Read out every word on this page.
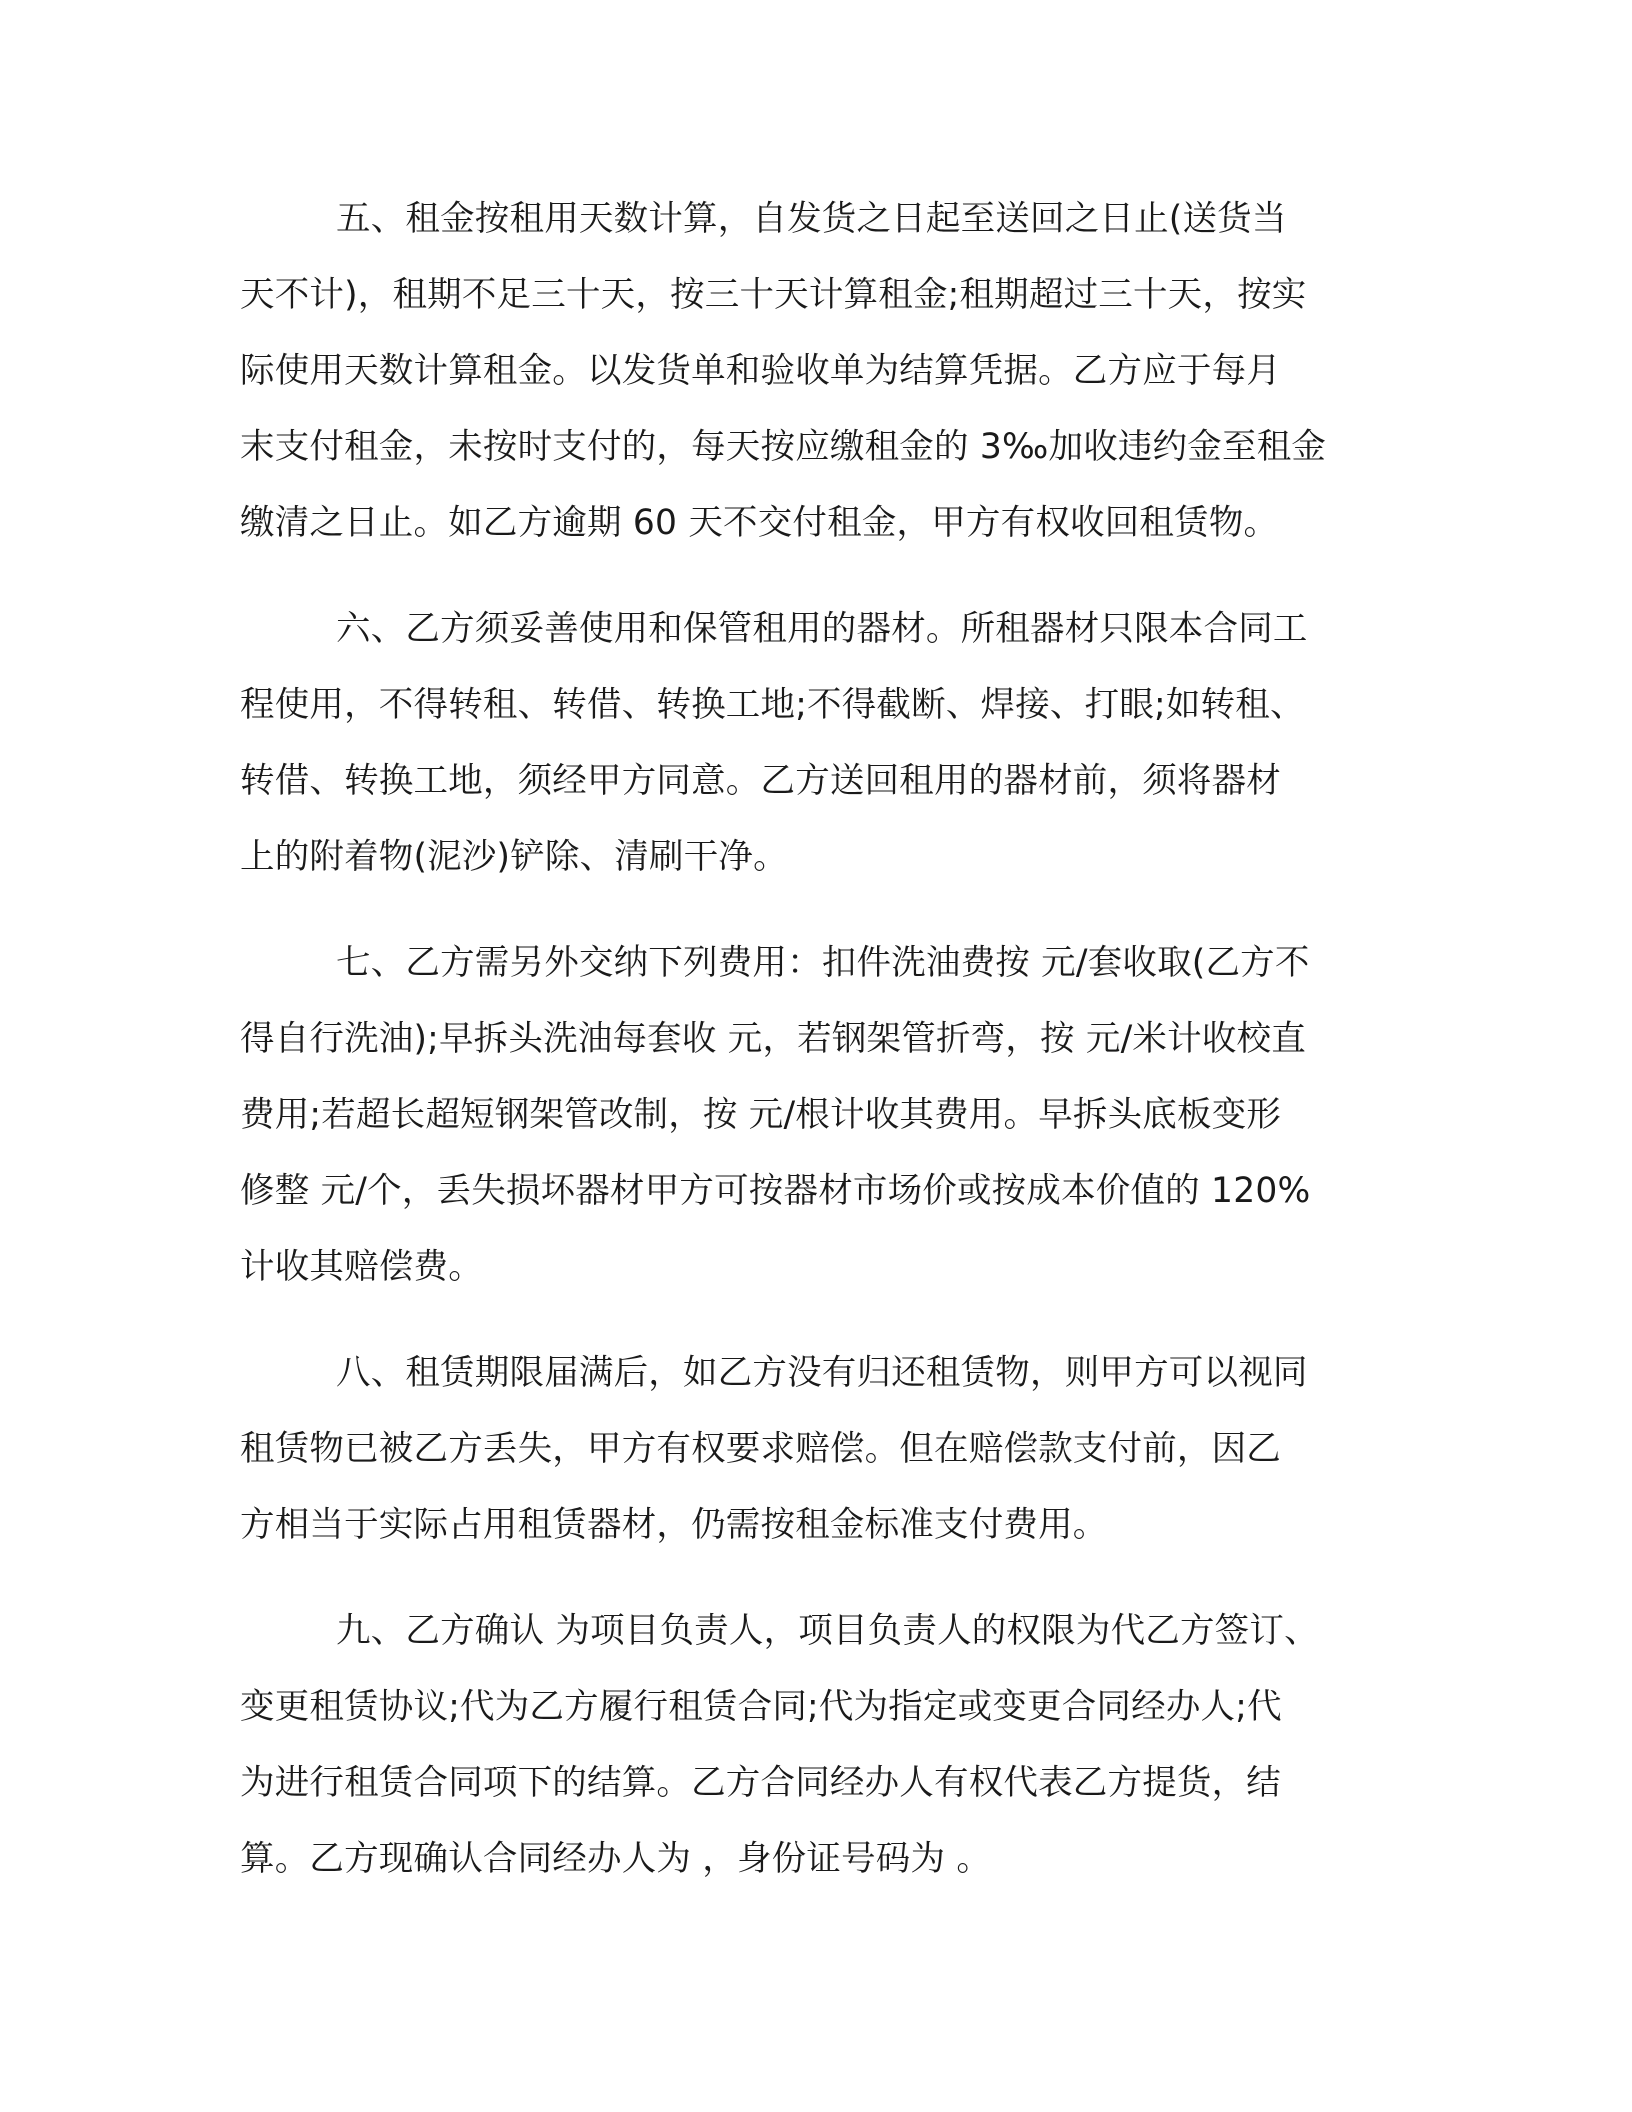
五、租金按租用天数计算，自发货之日起至送回之日止(送货当

天不计)，租期不足三十天，按三十天计算租金;租期超过三十天，按实

际使用天数计算租金。以发货单和验收单为结算凭据。乙方应于每月

末支付租金，未按时支付的，每天按应缴租金的 3‰加收违约金至租金

缴清之日止。如乙方逾期 60 天不交付租金，甲方有权收回租赁物。

六、乙方须妥善使用和保管租用的器材。所租器材只限本合同工

程使用，不得转租、转借、转换工地;不得截断、焊接、打眼;如转租、

转借、转换工地，须经甲方同意。乙方送回租用的器材前，须将器材

上的附着物(泥沙)铲除、清刷干净。

七、乙方需另外交纳下列费用：扣件洗油费按 元/套收取(乙方不

得自行洗油);早拆头洗油每套收 元，若钢架管折弯，按 元/米计收校直

费用;若超长超短钢架管改制，按 元/根计收其费用。早拆头底板变形

修整 元/个，丢失损坏器材甲方可按器材市场价或按成本价值的 120%

计收其赔偿费。

八、租赁期限届满后，如乙方没有归还租赁物，则甲方可以视同

租赁物已被乙方丢失，甲方有权要求赔偿。但在赔偿款支付前，因乙

方相当于实际占用租赁器材，仍需按租金标准支付费用。

九、乙方确认 为项目负责人，项目负责人的权限为代乙方签订、

变更租赁协议;代为乙方履行租赁合同;代为指定或变更合同经办人;代

为进行租赁合同项下的结算。乙方合同经办人有权代表乙方提货，结

算。乙方现确认合同经办人为 ，身份证号码为 。
